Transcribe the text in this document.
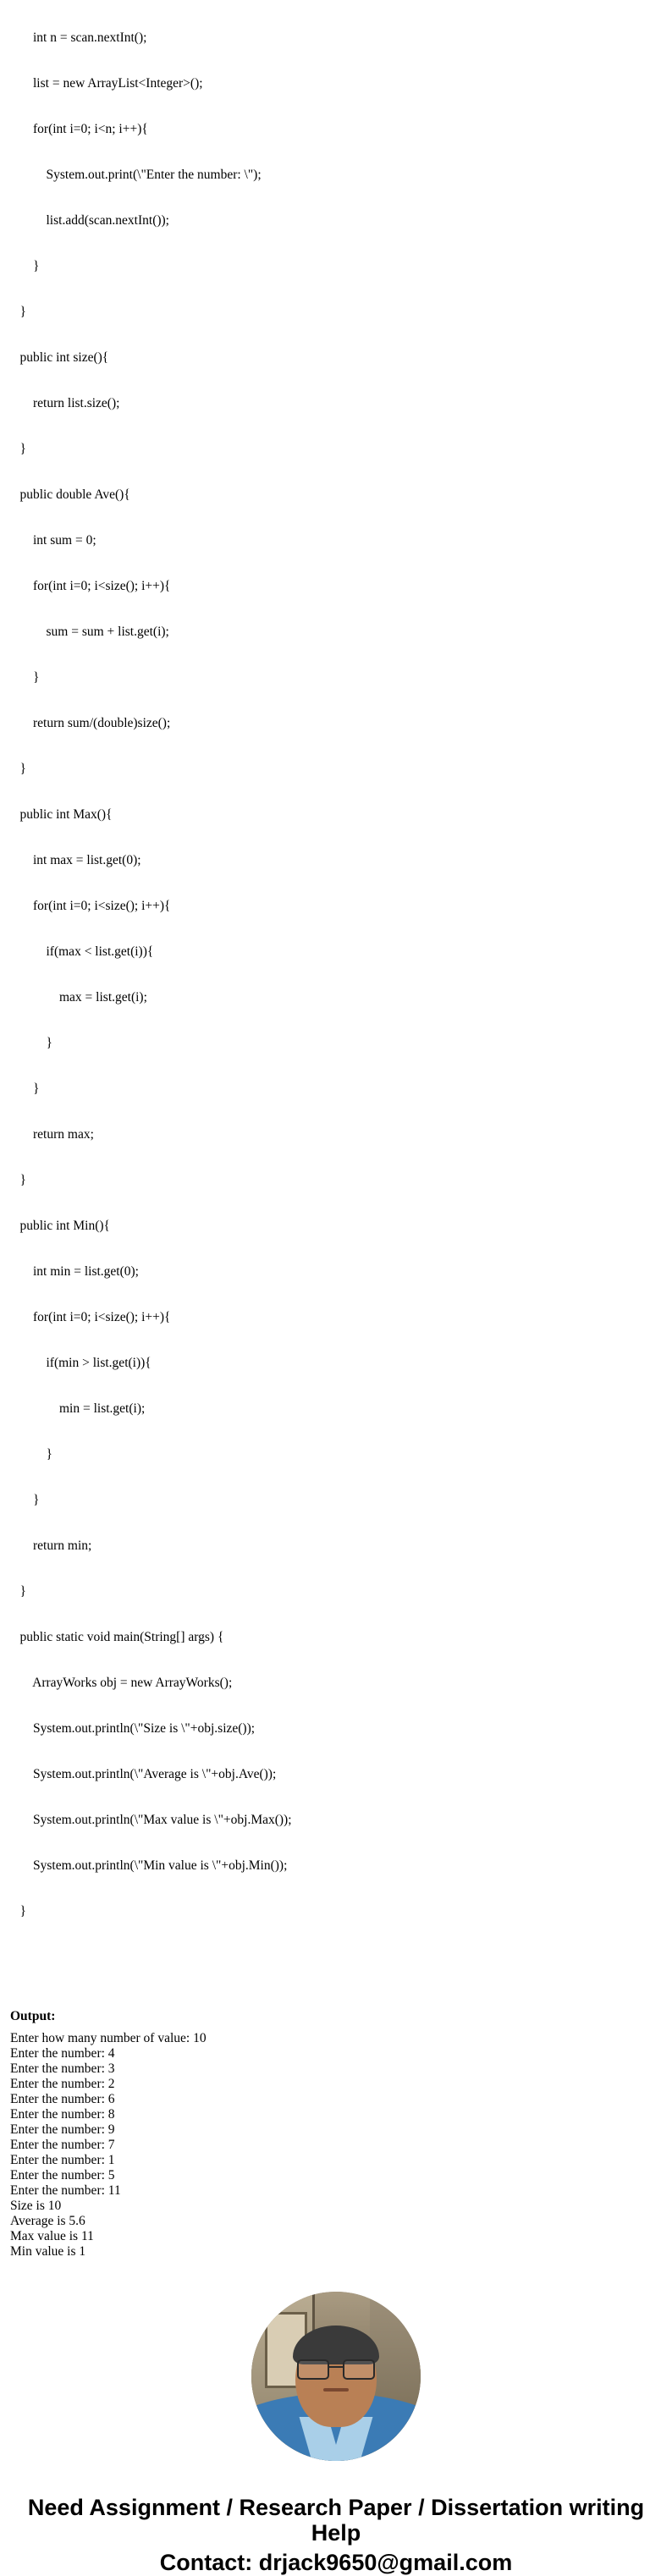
int n = scan.nextInt();

list = new ArrayList<Integer>();

for(int i=0; i<n; i++){

System.out.print(\"Enter the number: \");

list.add(scan.nextInt());

}

}

public int size(){

return list.size();

}

public double Ave(){

int sum = 0;

for(int i=0; i<size(); i++){

sum = sum + list.get(i);

}

return sum/(double)size();

}

public int Max(){

int max = list.get(0);

for(int i=0; i<size(); i++){

if(max < list.get(i)){

max = list.get(i);

}

}

return max;

}

public int Min(){

int min = list.get(0);

for(int i=0; i<size(); i++){

if(min > list.get(i)){

min = list.get(i);

}

}

return min;

}

public static void main(String[] args) {

ArrayWorks obj = new ArrayWorks();

System.out.println(\"Size is \"+obj.size());

System.out.println(\"Average is \"+obj.Ave());

System.out.println(\"Max value is \"+obj.Max());

System.out.println(\"Min value is \"+obj.Min());

}

Output:
Enter how many number of value: 10
Enter the number: 4
Enter the number: 3
Enter the number: 2
Enter the number: 6
Enter the number: 8
Enter the number: 9
Enter the number: 7
Enter the number: 1
Enter the number: 5
Enter the number: 11
Size is 10
Average is 5.6
Max value is 11
Min value is 1
Need Assignment / Research Paper / Dissertation writing Help
Contact: drjack9650@gmail.com
